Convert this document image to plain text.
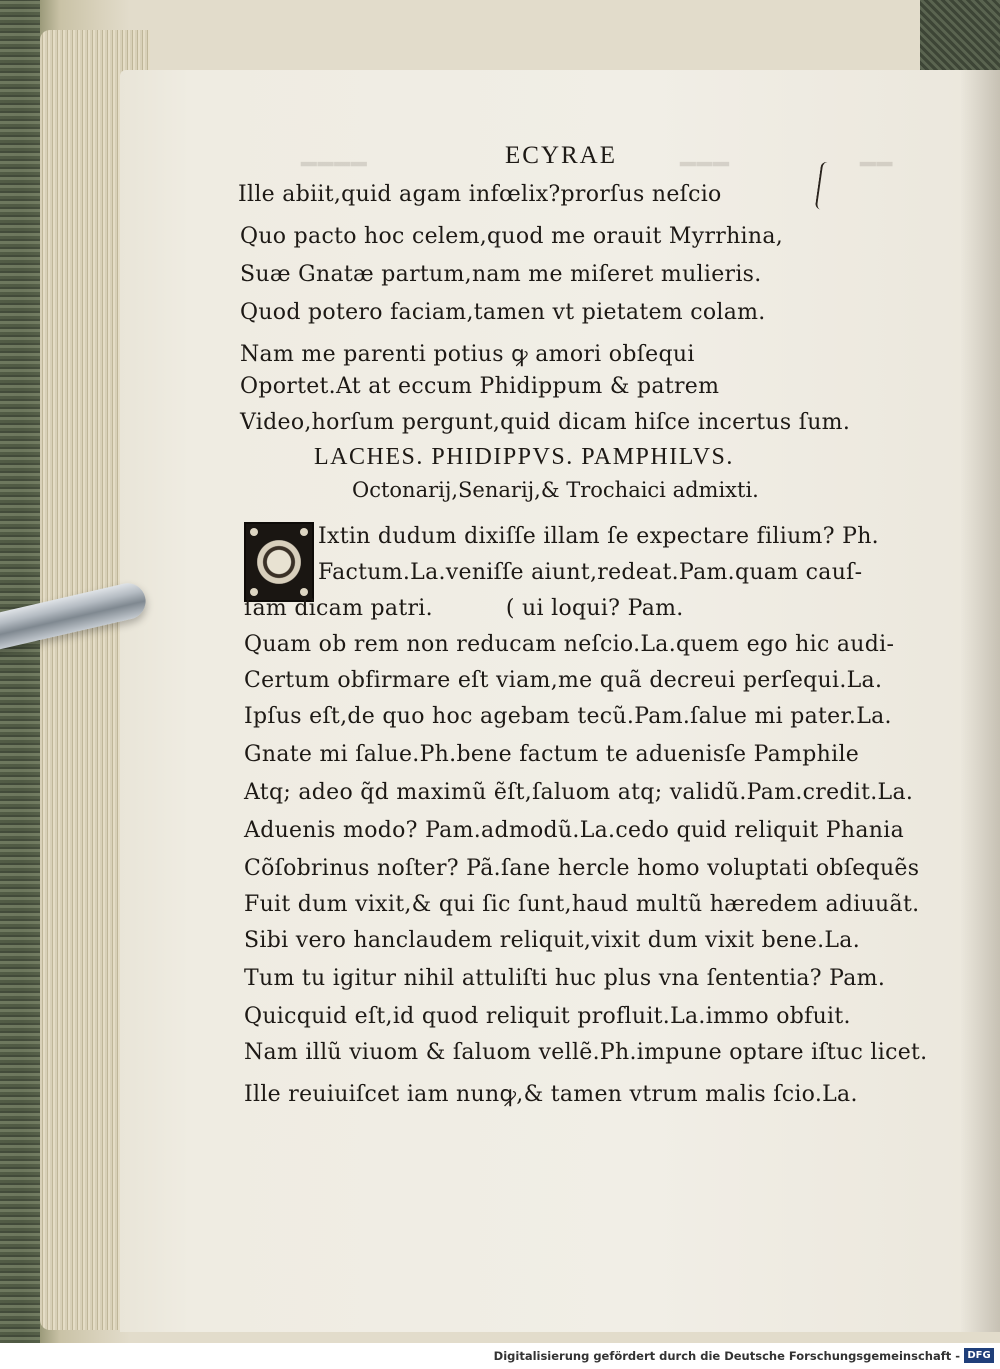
━━━━	━━━	━━
ECYRAE
Ille abiit,quid agam infœlix?prorſus neſcio
Quo pacto hoc celem,quod me orauit Myrrhina,
Suæ Gnatæ partum,nam me miſeret mulieris.
Quod potero faciam,tamen vt pietatem colam.
Nam me parenti potius ꝙ amori obſequi
Oportet.At at eccum Phidippum & patrem
Video,horſum pergunt,quid dicam hiſce incertus ſum.
LACHES. PHIDIPPVS. PAMPHILVS.
Octonarij,Senarij,& Trochaici admixti.
Ixtin dudum dixiſſe illam ſe expectare filium? Ph.
Factum.La.veniſſe aiunt,redeat.Pam.quam cauſ-
ſam dicam patri.          ( ui loqui? Pam.
Quam ob rem non reducam neſcio.La.quem ego hic audi-
Certum obfirmare eſt viam,me quã decreui perſequi.La.
Ipſus eſt,de quo hoc agebam tecũ.Pam.ſalue mi pater.La.
Gnate mi ſalue.Ph.bene factum te aduenisſe Pamphile
Atq; adeo q̃d maximũ ẽſt,ſaluom atq; validũ.Pam.credit.La.
Aduenis modo? Pam.admodũ.La.cedo quid reliquit Phania
Cõſobrinus noſter? Pã.ſane hercle homo voluptati obſequẽs
Fuit dum vixit,& qui ſic ſunt,haud multũ hæredem adiuuãt.
Sibi vero hanclaudem reliquit,vixit dum vixit bene.La.
Tum tu igitur nihil attuliſti huc plus vna ſententia? Pam.
Quicquid eſt,id quod reliquit profluit.La.immo obfuit.
Nam illũ viuom & ſaluom vellẽ.Ph.impune optare iſtuc licet.
Ille reuiuiſcet iam nunꝙ,& tamen vtrum malis ſcio.La.
Digitalisierung gefördert durch die Deutsche Forschungsgemeinschaft - DFG
